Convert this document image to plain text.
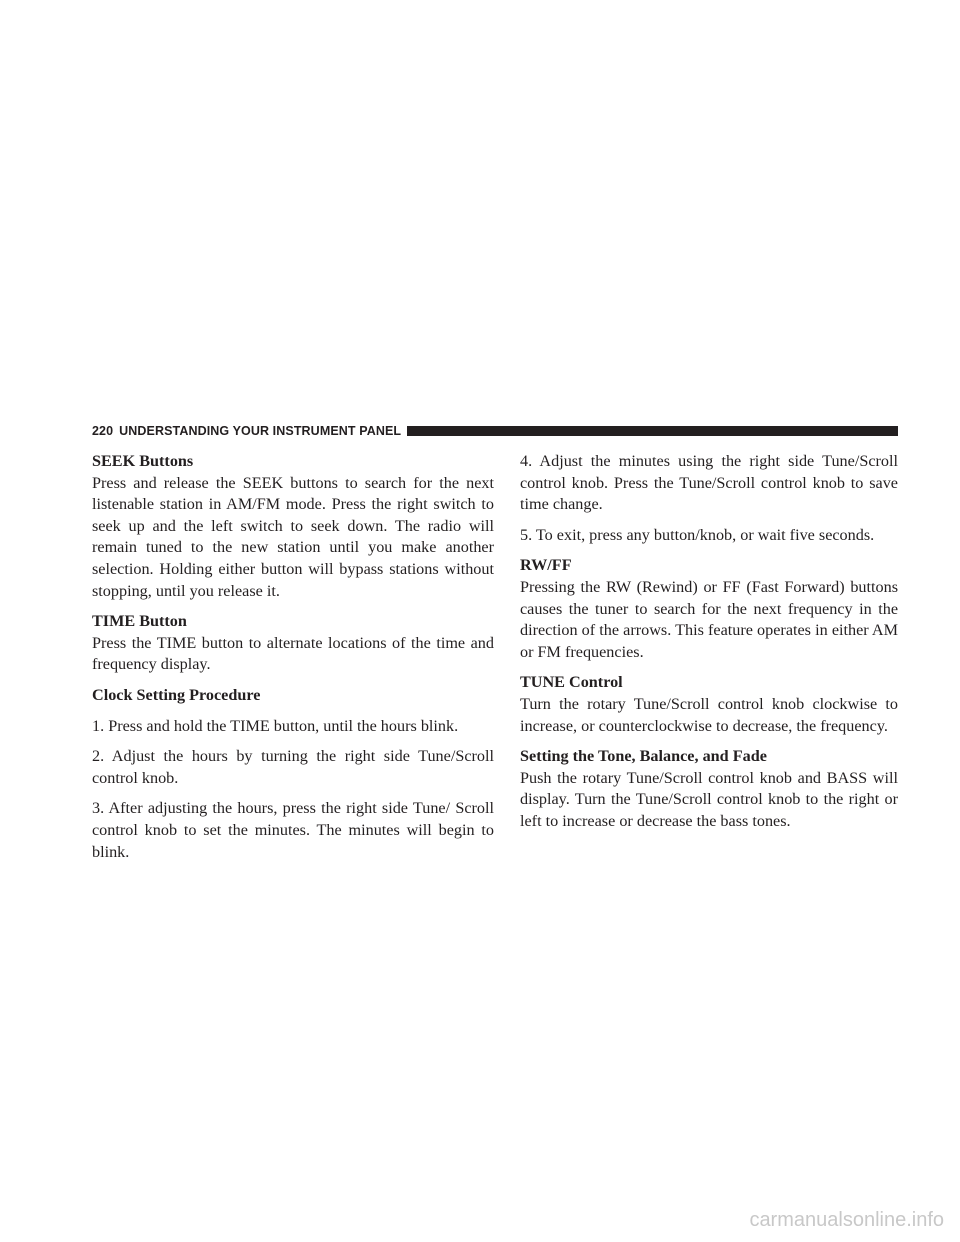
220 UNDERSTANDING YOUR INSTRUMENT PANEL

SEEK Buttons

Press and release the SEEK buttons to search for the next listenable station in AM/FM mode. Press the right switch to seek up and the left switch to seek down. The radio will remain tuned to the new station until you make another selection. Holding either button will bypass stations without stopping, until you release it.

TIME Button

Press the TIME button to alternate locations of the time and frequency display.

Clock Setting Procedure

1. Press and hold the TIME button, until the hours blink.

2. Adjust the hours by turning the right side Tune/Scroll control knob.

3. After adjusting the hours, press the right side Tune/ Scroll control knob to set the minutes. The minutes will begin to blink.

4. Adjust the minutes using the right side Tune/Scroll control knob. Press the Tune/Scroll control knob to save time change.

5. To exit, press any button/knob, or wait five seconds.

RW/FF

Pressing the RW (Rewind) or FF (Fast Forward) buttons causes the tuner to search for the next frequency in the direction of the arrows. This feature operates in either AM or FM frequencies.

TUNE Control

Turn the rotary Tune/Scroll control knob clockwise to increase, or counterclockwise to decrease, the frequency.

Setting the Tone, Balance, and Fade

Push the rotary Tune/Scroll control knob and BASS will display. Turn the Tune/Scroll control knob to the right or left to increase or decrease the bass tones.

carmanualsonline.info
